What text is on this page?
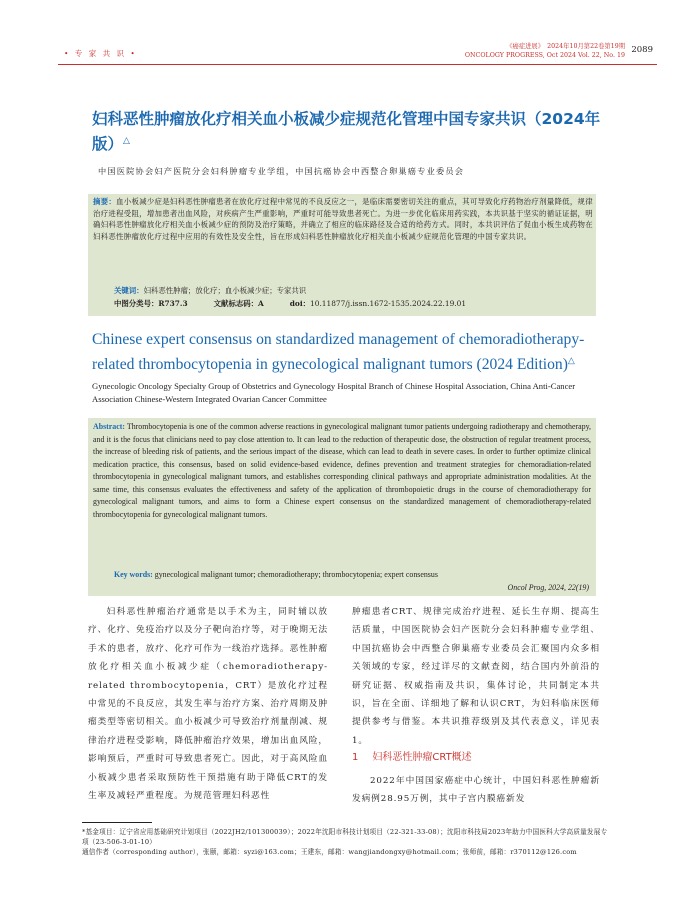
• 专 家 共 识 •
《癌症进展》　2024年10月第22卷第19期
ONCOLOGY PROGRESS, Oct 2024 Vol. 22, No. 19
2089
妇科恶性肿瘤放化疗相关血小板减少症规范化管理中国专家共识（2024年版）△
中国医院协会妇产医院分会妇科肿瘤专业学组，中国抗癌协会中西整合卵巢癌专业委员会
摘要：血小板减少症是妇科恶性肿瘤患者在放化疗过程中常见的不良反应之一，是临床需要密切关注的重点，其可导致化疗药物治疗剂量降低，规律治疗进程受阻，增加患者出血风险，对疾病产生严重影响，严重时可能导致患者死亡。为进一步优化临床用药实践，本共识基于坚实的循证证据，明确妇科恶性肿瘤放化疗相关血小板减少症的预防及治疗策略，并确立了相应的临床路径及合适的给药方式。同时，本共识评估了促血小板生成药物在妇科恶性肿瘤放化疗过程中应用的有效性及安全性，旨在形成妇科恶性肿瘤放化疗相关血小板减少症规范化管理的中国专家共识。
关键词：妇科恶性肿瘤；放化疗；血小板减少症；专家共识
中图分类号：R737.3	文献标志码：A	doi：10.11877/j.issn.1672-1535.2024.22.19.01
Chinese expert consensus on standardized management of chemoradiotherapy-related thrombocytopenia in gynecological malignant tumors (2024 Edition)△
Gynecologic Oncology Specialty Group of Obstetrics and Gynecology Hospital Branch of Chinese Hospital Association, China Anti-Cancer Association Chinese-Western Integrated Ovarian Cancer Committee
Abstract: Thrombocytopenia is one of the common adverse reactions in gynecological malignant tumor patients undergoing radiotherapy and chemotherapy, and it is the focus that clinicians need to pay close attention to. It can lead to the reduction of therapeutic dose, the obstruction of regular treatment process, the increase of bleeding risk of patients, and the serious impact of the disease, which can lead to death in severe cases. In order to further optimize clinical medication practice, this consensus, based on solid evidence-based evidence, defines prevention and treatment strategies for chemoradiation-related thrombocytopenia in gynecological malignant tumors, and establishes corresponding clinical pathways and appropriate administration modalities. At the same time, this consensus evaluates the effectiveness and safety of the application of thrombopoietic drugs in the course of chemoradiotherapy for gynecological malignant tumors, and aims to form a Chinese expert consensus on the standardized management of chemoradiotherapy-related thrombocytopenia for gynecological malignant tumors.
Key words: gynecological malignant tumor; chemoradiotherapy; thrombocytopenia; expert consensus
Oncol Prog, 2024, 22(19)
妇科恶性肿瘤治疗通常是以手术为主，同时辅以放疗、化疗、免疫治疗以及分子靶向治疗等，对于晚期无法手术的患者，放疗、化疗可作为一线治疗选择。恶性肿瘤放化疗相关血小板减少症（chemoradiotherapy-related thrombocytopenia，CRT）是放化疗过程中常见的不良反应，其发生率与治疗方案、治疗周期及肿瘤类型等密切相关。血小板减少可导致治疗剂量削减、规律治疗进程受影响，降低肿瘤治疗效果，增加出血风险，影响预后，严重时可导致患者死亡。因此，对于高风险血小板减少患者采取预防性干预措施有助于降低CRT的发生率及减轻严重程度。为规范管理妇科恶性
肿瘤患者CRT、规律完成治疗进程、延长生存期、提高生活质量，中国医院协会妇产医院分会妇科肿瘤专业学组、中国抗癌协会中西整合卵巢癌专业委员会汇聚国内众多相关领域的专家，经过详尽的文献查阅，结合国内外前沿的研究证据、权威指南及共识，集体讨论，共同制定本共识，旨在全面、详细地了解和认识CRT，为妇科临床医师提供参考与借鉴。本共识推荐级别及其代表意义，详见表1。
1 妇科恶性肿瘤CRT概述
2022年中国国家癌症中心统计，中国妇科恶性肿瘤新发病例28.95万例，其中子宫内膜癌新发
*基金项目：辽宁省应用基础研究计划项目（2022JH2/101300039）；2022年沈阳市科技计划项目（22-321-33-08）；沈阳市科技局2023年助力中国医科大学高质量发展专项（23-506-3-01-10）
通信作者（corresponding author），张颐，邮箱：syzi@163.com；王建东，邮箱：wangjiandongxy@hotmail.com；张师前，邮箱：r370112@126.com
